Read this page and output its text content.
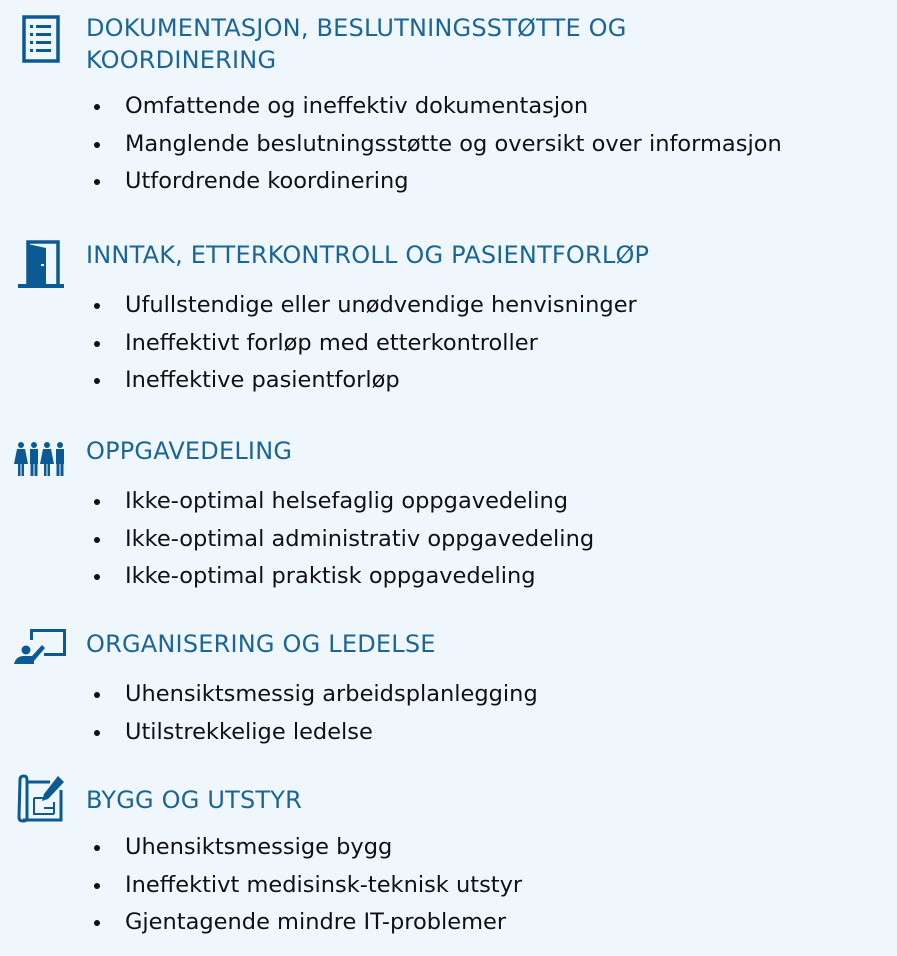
DOKUMENTASJON, BESLUTNINGSSTØTTE OG KOORDINERING
Omfattende og ineffektiv dokumentasjon
Manglende beslutningsstøtte og oversikt over informasjon
Utfordrende koordinering
INNTAK, ETTERKONTROLL OG PASIENTFORLØP
Ufullstendige eller unødvendige henvisninger
Ineffektivt forløp med etterkontroller
Ineffektive pasientforløp
OPPGAVEDELING
Ikke-optimal helsefaglig oppgavedeling
Ikke-optimal administrativ oppgavedeling
Ikke-optimal praktisk oppgavedeling
ORGANISERING OG LEDELSE
Uhensiktsmessig arbeidsplanlegging
Utilstrekkelige ledelse
BYGG OG UTSTYR
Uhensiktsmessige bygg
Ineffektivt medisinsk-teknisk utstyr
Gjentagende mindre IT-problemer
